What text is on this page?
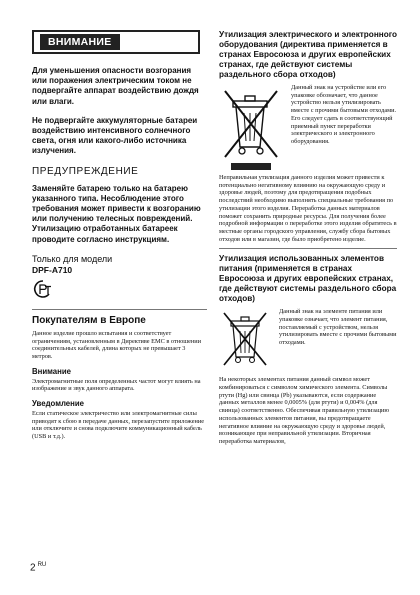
ВНИМАНИЕ

Для уменьшения опасности возгорания или поражения электрическим током не подвергайте аппарат воздействию дождя или влаги.

Не подвергайте аккумуляторные батареи воздействию интенсивного солнечного света, огня или какого-либо источника излучения.

ПРЕДУПРЕЖДЕНИЕ

Заменяйте батарею только на батарею указанного типа. Несоблюдение этого требования может привести к возгоранию или получению телесных повреждений. Утилизацию отработанных батареек проводите согласно инструкциям.

Только для модели

DPF-A710

РСТ

Покупателям в Европе

Данное изделие прошло испытания и соответствует ограничениям, установленным в Директиве ЕМС в отношении соединительных кабелей, длина которых не превышает 3 метров.

Внимание

Электромагнитные поля определенных частот могут влиять на изображение и звук данного аппарата.

Уведомление

Если статическое электричество или электромагнитные силы приводят к сбою в передаче данных, перезапустите приложение или отключите и снова подключите коммуникационный кабель (USB и т.д.).

Утилизация электрического и электронного оборудования (директива применяется в странах Евросоюза и других европейских странах, где действуют системы раздельного сбора отходов)

Данный знак на устройстве или его упаковке обозначает, что данное устройство нельзя утилизировать вместе с прочими бытовыми отходами. Его следует сдать в соответствующий приемный пункт переработки электрического и электронного оборудования.

Неправильная утилизация данного изделия может привести к потенциально негативному влиянию на окружающую среду и здоровье людей, поэтому для предотвращения подобных последствий необходимо выполнять специальные требования по утилизации этого изделия. Переработка данных материалов поможет сохранить природные ресурсы. Для получения более подробной информации о переработке этого изделия обратитесь в местные органы городского управления, службу сбора бытовых отходов или в магазин, где было приобретено изделие.

Утилизация использованных элементов питания (применяется в странах Евросоюза и других европейских странах, где действуют системы раздельного сбора отходов)

Данный знак на элементе питания или упаковке означает, что элемент питания, поставляемый с устройством, нельзя утилизировать вместе с прочими бытовыми отходами.

На некоторых элементах питания данный символ может комбинироваться с символом химического элемента. Символы ртути (Hg) или свинца (Pb) указываются, если содержание данных металлов менее 0,0005% (для ртути) и 0,004% (для свинца) соответственно. Обеспечивая правильную утилизацию использованных элементов питания, вы предотвращаете негативное влияние на окружающую среду и здоровье людей, возникающее при неправильной утилизации. Вторичная переработка материалов,

2 $^{RU}$
